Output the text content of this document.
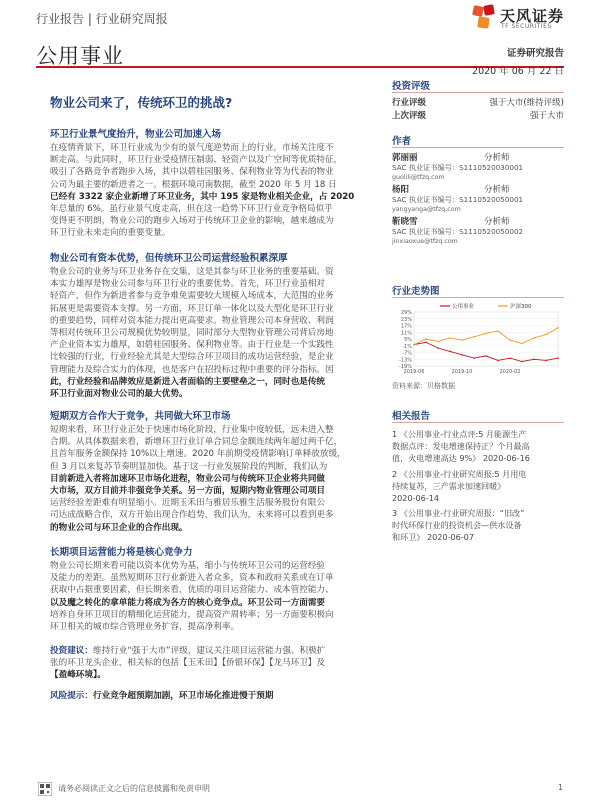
行业报告 | 行业研究周报	天风证券
TF SECURITIES
公用事业	证券研究报告
2020 年 06 月 22 日
物业公司来了，传统环卫的挑战?
环卫行业景气度抬升，物业公司加速入场
在疫情背景下，环卫行业成为少有的景气度逆势而上的行业，市场关注度不
断走高。与此同时，环卫行业受疫情压制弱、轻资产以及广空间等优质特征，
吸引了各路竞争者跑步入场，其中以碧桂园服务、保利物业等为代表的物业
公司为最主要的新进者之一。根据环境司南数据，截至 2020 年 5 月 18 日
已经有 3322 家企业新增了环卫业务，其中 195 家是物业相关企业，占 2020
年总量的 6%。虽行业景气度走高，但在这一趋势下环卫行业竞争格局似乎
变得更不明朗，物业公司的跑步入场对于传统环卫企业的影响，越来越成为
环卫行业未来走向的重要变量。
物业公司有资本优势，但传统环卫公司运营经验积累深厚
物业公司的业务与环卫业务存在交集，这是其参与环卫业务的重要基础。资
本实力雄厚是物业公司参与环卫行业的重要优势。首先，环卫行业虽相对
轻资产，但作为新进者参与竞争难免需要较大规模入场成本，大范围的业务
拓展更是需要资本支撑。另一方面，环卫订单一体化以及大型化是环卫行业
的重要趋势，同样对资本能力提出更高要求。物业管理公司本身营收、利润
等相对传统环卫公司规模优势较明显，同时部分大型物业管理公司背后房地
产企业资本实力雄厚，如碧桂园服务、保利物业等。由于行业是一个实践性
比较强的行业，行业经验尤其是大型综合环卫项目的成功运营经验，是企业
管理能力及综合实力的体现，也是客户在招投标过程中重要的评分指标。因
此，行业经验和品牌效应是新进入者面临的主要壁垒之一，同时也是传统
环卫行业面对物业公司的最大优势。
短期双方合作大于竞争，共同做大环卫市场
短期来看，环卫行业正处于快速市场化阶段，行业集中度较低，远未进入整
合期。从具体数据来看，新增环卫行业订单合同总金额连续两年超过两千亿，
且首年服务金额保持 10%以上增速。2020 年前期受疫情影响订单释放放缓，
但 3 月以来复苏节奏明显加快。基于这一行业发展阶段的判断，我们认为
目前新进入者将加速环卫市场化进程，物业公司与传统环卫企业将共同做
大市场，双方目前并非强竞争关系。另一方面，短期内物业管理公司项目
运营经验差距难有明显缩小。近期玉禾田与雅居乐雅生活服务股份有限公
司达成战略合作，双方开始出现合作趋势，我们认为，未来将可以看到更多
的物业公司与环卫企业的合作出现。
长期项目运营能力将是核心竞争力
物业公司长期来看可能以资本优势为基，缩小与传统环卫公司的运营经验
及能力的差距。虽然短期环卫行业新进入者众多，资本和政府关系或在订单
获取中占据重要因素，但长期来看，优质的项目运营能力、成本管控能力、
以及魔之转化的拿单能力将成为各方的核心竞争点。环卫公司一方面需要
培养自身环卫项目的精细化运营能力，提高资产周转率；另一方面要积极向
环卫相关的城市综合管理业务扩容，提高净利率。
投资建议：维持行业“强于大市”评级，建议关注项目运营能力强、积极扩
张的环卫龙头企业，相关标的包括【玉禾田】【侨银环保】【龙马环卫】及
【盈峰环境】。
风险提示：行业竞争超预期加剧，环卫市场化推进慢于预期
投资评级
行业评级	强于大市(维持评级)
上次评级	强于大市
作者
郭丽丽	分析师
SAC 执业证书编号：S1110520030001
guolili@tfzq.com
杨阳	分析师
SAC 执业证书编号：S1110520050001
yangyanga@tfzq.com
靳晓雪	分析师
SAC 执业证书编号：S1110520050002
jinxiaoxue@tfzq.com
行业走势图
29%
23%
17%
11%
5%
-1%
-7%
-13%
-19%
2019-06	2019-10	2020-02
公用事业	沪深300
资料来源：贝格数据
相关报告
1 《公用事业-行业点评:5 月能源生产
数据点评：发电增速保持正？个月最高
值，火电增速高达 9%》 2020-06-16
2 《公用事业-行业研究周报:5 月用电
持续复苏，三产需求加速回暖》
2020-06-14
3 《公用事业-行业研究周报：“旧改”
时代环保行业的投资机会—供水设备
和环卫》 2020-06-07
请务必阅读正文之后的信息披露和免责申明	1
